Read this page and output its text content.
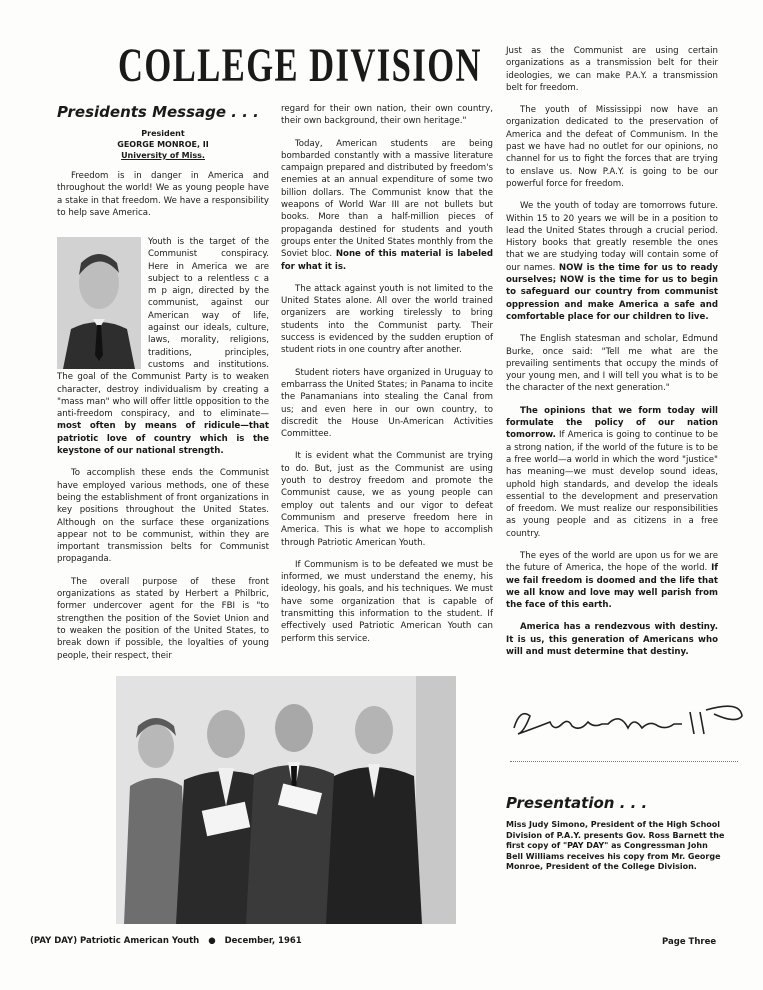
COLLEGE DIVISION
Presidents Message . . .
President
GEORGE MONROE, II
University of Miss.

Freedom is in danger in America and throughout the world! We as young people have a stake in that freedom. We have a responsibility to help save America.

Youth is the target of the Communist conspiracy. Here in America we are subject to a relentless c a m p aign, directed by the communist, against our American way of life, against our ideals, culture, laws, morality, religions, traditions, principles, customs and institutions. The goal of the Communist Party is to weaken character, destroy individualism by creating a "mass man" who will offer little opposition to the anti-freedom conspiracy, and to eliminate— most often by means of ridicule—that patriotic love of country which is the keystone of our national strength.

To accomplish these ends the Communist have employed various methods, one of these being the establishment of front organizations in key positions throughout the United States. Although on the surface these organizations appear not to be communist, within they are important transmission belts for Communist propaganda.

The overall purpose of these front organizations as stated by Herbert a Philbric, former undercover agent for the FBI is "to strengthen the position of the Soviet Union and to weaken the position of the United States, to break down if possible, the loyalties of young people, their respect, their

regard for their own nation, their own country, their own background, their own heritage."

Today, American students are being bombarded constantly with a massive literature campaign prepared and distributed by freedom's enemies at an annual expenditure of some two billion dollars. The Communist know that the weapons of World War III are not bullets but books. More than a half-million pieces of propaganda destined for students and youth groups enter the United States monthly from the Soviet bloc. None of this material is labeled for what it is.

The attack against youth is not limited to the United States alone. All over the world trained organizers are working tirelessly to bring students into the Communist party. Their success is evidenced by the sudden eruption of student riots in one country after another.

Student rioters have organized in Uruguay to embarrass the United States; in Panama to incite the Panamanians into stealing the Canal from us; and even here in our own country, to discredit the House Un-American Activities Committee.

It is evident what the Communist are trying to do. But, just as the Communist are using youth to destroy freedom and promote the Communist cause, we as young people can employ out talents and our vigor to defeat Communism and preserve freedom here in America. This is what we hope to accomplish through Patriotic American Youth.

If Communism is to be defeated we must be informed, we must understand the enemy, his ideology, his goals, and his techniques. We must have some organization that is capable of transmitting this information to the student. If effectively used Patriotic American Youth can perform this service.

Just as the Communist are using certain organizations as a transmission belt for their ideologies, we can make P.A.Y. a transmission belt for freedom.

The youth of Mississippi now have an organization dedicated to the preservation of America and the defeat of Communism. In the past we have had no outlet for our opinions, no channel for us to fight the forces that are trying to enslave us. Now P.A.Y. is going to be our powerful force for freedom.

We the youth of today are tomorrows future. Within 15 to 20 years we will be in a position to lead the United States through a crucial period. History books that greatly resemble the ones that we are studying today will contain some of our names. NOW is the time for us to ready ourselves; NOW is the time for us to begin to safeguard our country from communist oppression and make America a safe and comfortable place for our children to live.

The English statesman and scholar, Edmund Burke, once said: "Tell me what are the prevailing sentiments that occupy the minds of your young men, and I will tell you what is to be the character of the next generation."

The opinions that we form today will formulate the policy of our nation tomorrow. If America is going to continue to be a strong nation, if the world of the future is to be a free world—a world in which the word "justice" has meaning—we must develop sound ideas, uphold high standards, and develop the ideals essential to the development and preservation of freedom. We must realize our responsibilities as young people and as citizens in a free country.

The eyes of the world are upon us for we are the future of America, the hope of the world. If we fail freedom is doomed and the life that we all know and love may well parish from the face of this earth.

America has a rendezvous with destiny. It is us, this generation of Americans who will and must determine that destiny.

Presentation . . .
Miss Judy Simono, President of the High School Division of P.A.Y. presents Gov. Ross Barnett the first copy of "PAY DAY" as Congressman John Bell Williams receives his copy from Mr. George Monroe, President of the College Division.
(PAY DAY) Patriotic American Youth ● December, 1961	Page Three
